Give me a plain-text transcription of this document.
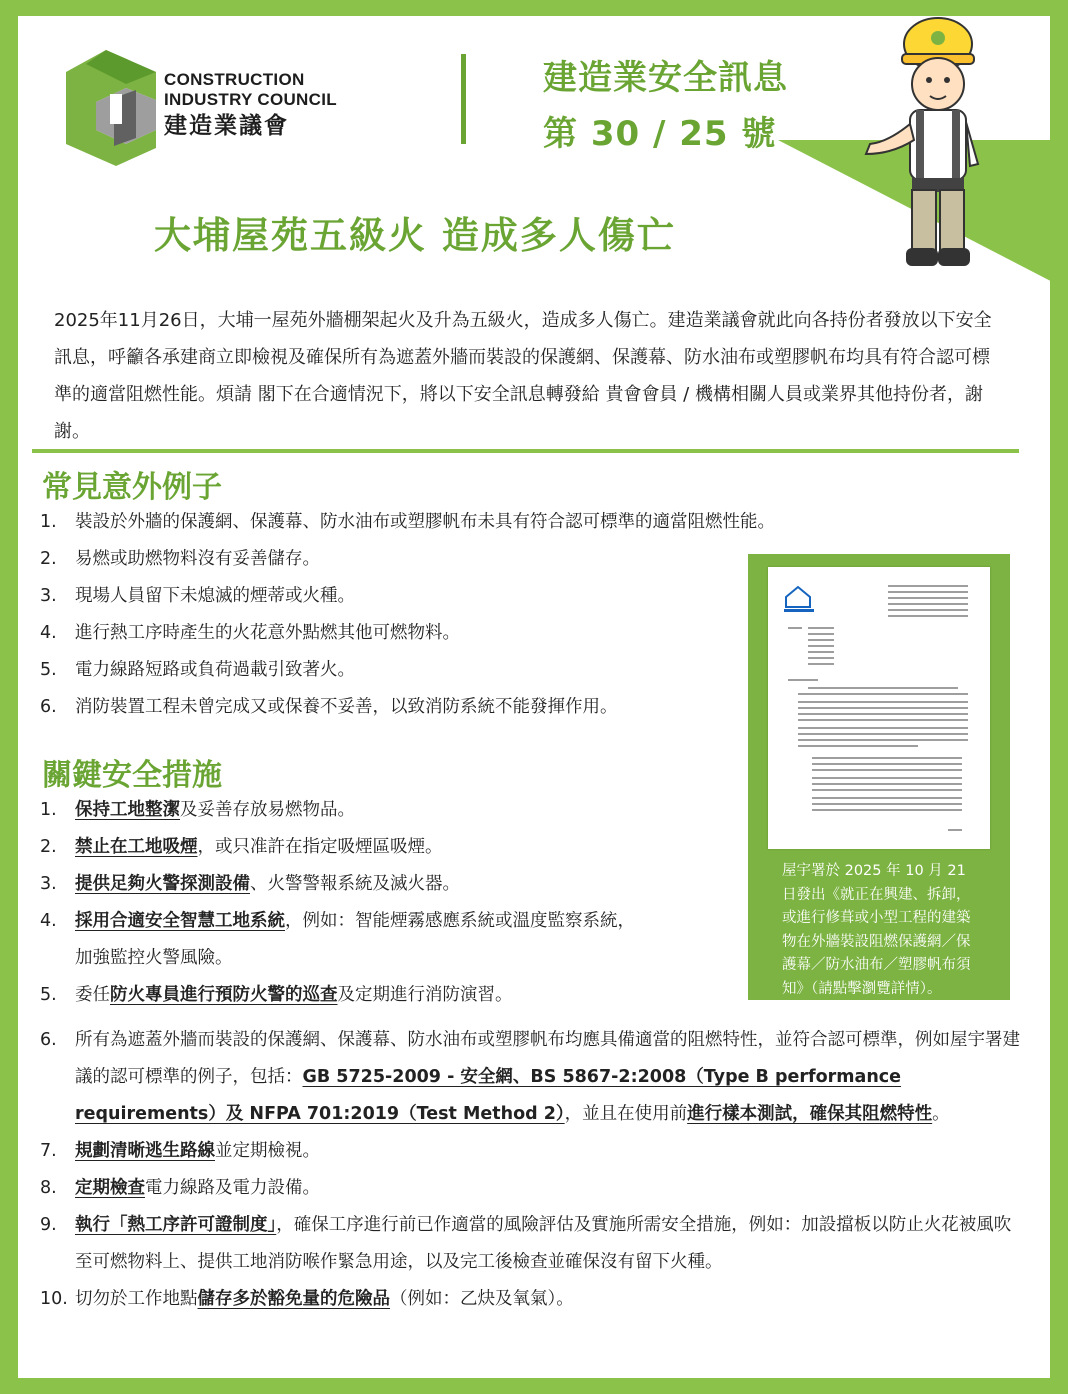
CONSTRUCTION
INDUSTRY COUNCIL
建造業議會
建造業安全訊息
第 30 / 25 號
大埔屋苑五級火 造成多人傷亡
2025年11月26日，大埔一屋苑外牆棚架起火及升為五級火，造成多人傷亡。建造業議會就此向各持份者發放以下安全訊息，呼籲各承建商立即檢視及確保所有為遮蓋外牆而裝設的保護網、保護幕、防水油布或塑膠帆布均具有符合認可標準的適當阻燃性能。煩請 閣下在合適情況下，將以下安全訊息轉發給 貴會會員 / 機構相關人員或業界其他持份者，謝謝。
常見意外例子
1. 裝設於外牆的保護網、保護幕、防水油布或塑膠帆布未具有符合認可標準的適當阻燃性能。
2. 易燃或助燃物料沒有妥善儲存。
3. 現場人員留下未熄滅的煙蒂或火種。
4. 進行熱工序時產生的火花意外點燃其他可燃物料。
5. 電力線路短路或負荷過載引致著火。
6. 消防裝置工程未曾完成又或保養不妥善，以致消防系統不能發揮作用。
關鍵安全措施
1. 保持工地整潔及妥善存放易燃物品。
2. 禁止在工地吸煙，或只准許在指定吸煙區吸煙。
3. 提供足夠火警探測設備、火警警報系統及滅火器。
4. 採用合適安全智慧工地系統，例如：智能煙霧感應系統或溫度監察系統，
加強監控火警風險。
5. 委任防火專員進行預防火警的巡查及定期進行消防演習。
6. 所有為遮蓋外牆而裝設的保護網、保護幕、防水油布或塑膠帆布均應具備適當的阻燃特性，並符合認可標準，例如屋宇署建議的認可標準的例子，包括：GB 5725-2009 - 安全網、BS 5867-2:2008（Type B performance requirements）及 NFPA 701:2019（Test Method 2），並且在使用前進行樣本測試，確保其阻燃特性。
7. 規劃清晰逃生路線並定期檢視。
8. 定期檢查電力線路及電力設備。
9. 執行「熱工序許可證制度」，確保工序進行前已作適當的風險評估及實施所需安全措施，例如：加設擋板以防止火花被風吹至可燃物料上、提供工地消防喉作緊急用途，以及完工後檢查並確保沒有留下火種。
10. 切勿於工作地點儲存多於豁免量的危險品（例如：乙炔及氧氣）。
屋宇署於 2025 年 10 月 21 日發出《就正在興建、拆卸，或進行修葺或小型工程的建築物在外牆裝設阻燃保護網／保護幕／防水油布／塑膠帆布須知》（請點擊瀏覽詳情）。
